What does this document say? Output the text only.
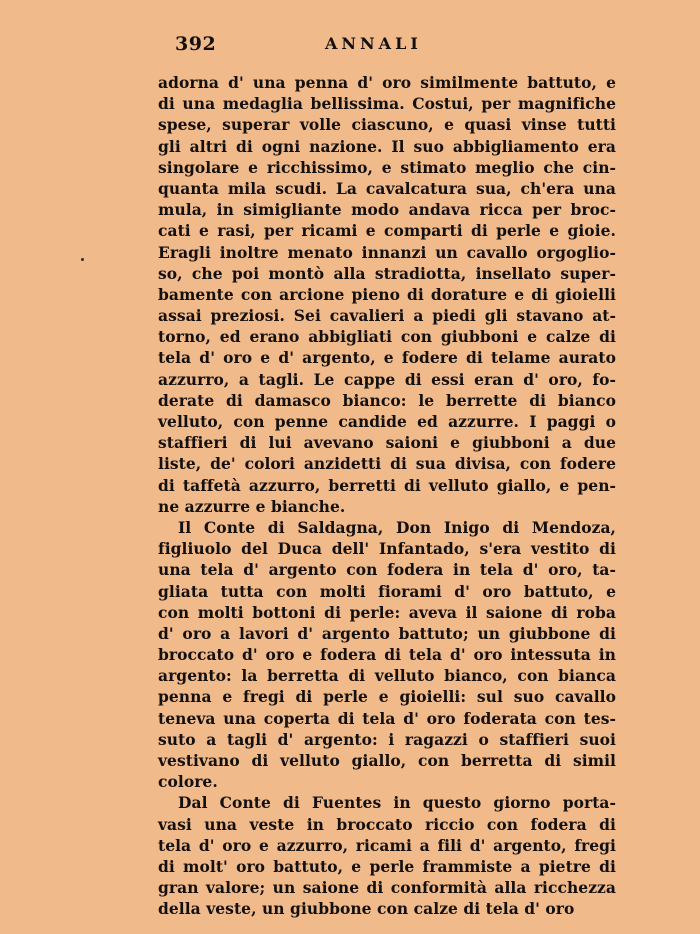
392	ANNALI
adorna d' una penna d' oro similmente battuto, e
di una medaglia bellissima. Costui, per magnifiche
spese, superar volle ciascuno, e quasi vinse tutti
gli altri di ogni nazione. Il suo abbigliamento era
singolare e ricchissimo, e stimato meglio che cin-
quanta mila scudi. La cavalcatura sua, ch'era una
mula, in simigliante modo andava ricca per broc-
cati e rasi, per ricami e comparti di perle e gioie.
Eragli inoltre menato innanzi un cavallo orgoglio-
so, che poi montò alla stradiotta, insellato super-
bamente con arcione pieno di dorature e di gioielli
assai preziosi. Sei cavalieri a piedi gli stavano at-
torno, ed erano abbigliati con giubboni e calze di
tela d' oro e d' argento, e fodere di telame aurato
azzurro, a tagli. Le cappe di essi eran d' oro, fo-
derate di damasco bianco: le berrette di bianco
velluto, con penne candide ed azzurre. I paggi o
staffieri di lui avevano saioni e giubboni a due
liste, de' colori anzidetti di sua divisa, con fodere
di taffetà azzurro, berretti di velluto giallo, e pen-
ne azzurre e bianche.
Il Conte di Saldagna, Don Inigo di Mendoza,
figliuolo del Duca dell' Infantado, s'era vestito di
una tela d' argento con fodera in tela d' oro, ta-
gliata tutta con molti fiorami d' oro battuto, e
con molti bottoni di perle: aveva il saione di roba
d' oro a lavori d' argento battuto; un giubbone di
broccato d' oro e fodera di tela d' oro intessuta in
argento: la berretta di velluto bianco, con bianca
penna e fregi di perle e gioielli: sul suo cavallo
teneva una coperta di tela d' oro foderata con tes-
suto a tagli d' argento: i ragazzi o staffieri suoi
vestivano di velluto giallo, con berretta di simil
colore.
Dal Conte di Fuentes in questo giorno porta-
vasi una veste in broccato riccio con fodera di
tela d' oro e azzurro, ricami a fili d' argento, fregi
di molt' oro battuto, e perle frammiste a pietre di
gran valore; un saione di conformità alla ricchezza
della veste, un giubbone con calze di tela d' oro
